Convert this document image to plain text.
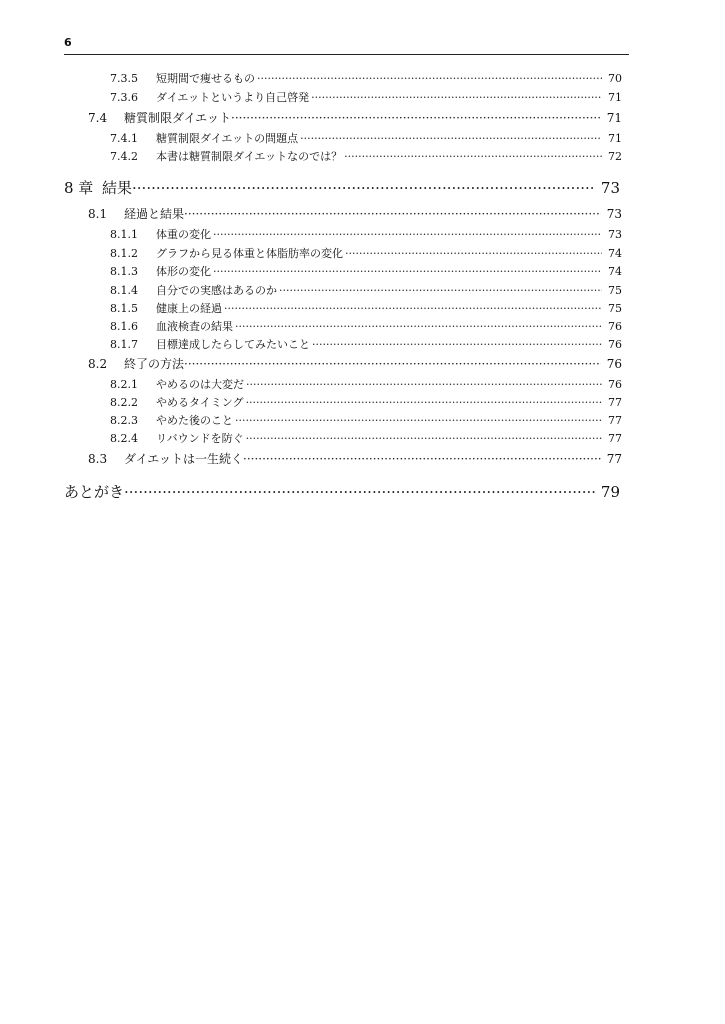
6
7.3.5	短期間で痩せるもの ·····	70
7.3.6	ダイエットというより自己啓発 ·····	71
7.4	糖質制限ダイエット ·····	71
7.4.1	糖質制限ダイエットの問題点 ·····	71
7.4.2	本書は糖質制限ダイエットなのでは？ ·····	72
8 章 結果 ·····	73
8.1	経過と結果 ·····	73
8.1.1	体重の変化 ·····	73
8.1.2	グラフから見る体重と体脂肪率の変化 ·····	74
8.1.3	体形の変化 ·····	74
8.1.4	自分での実感はあるのか ·····	75
8.1.5	健康上の経過 ·····	75
8.1.6	血液検査の結果 ·····	76
8.1.7	目標達成したらしてみたいこと ·····	76
8.2	終了の方法 ·····	76
8.2.1	やめるのは大変だ ·····	76
8.2.2	やめるタイミング ·····	77
8.2.3	やめた後のこと ·····	77
8.2.4	リバウンドを防ぐ ·····	77
8.3	ダイエットは一生続く ·····	77
あとがき ·····	79
